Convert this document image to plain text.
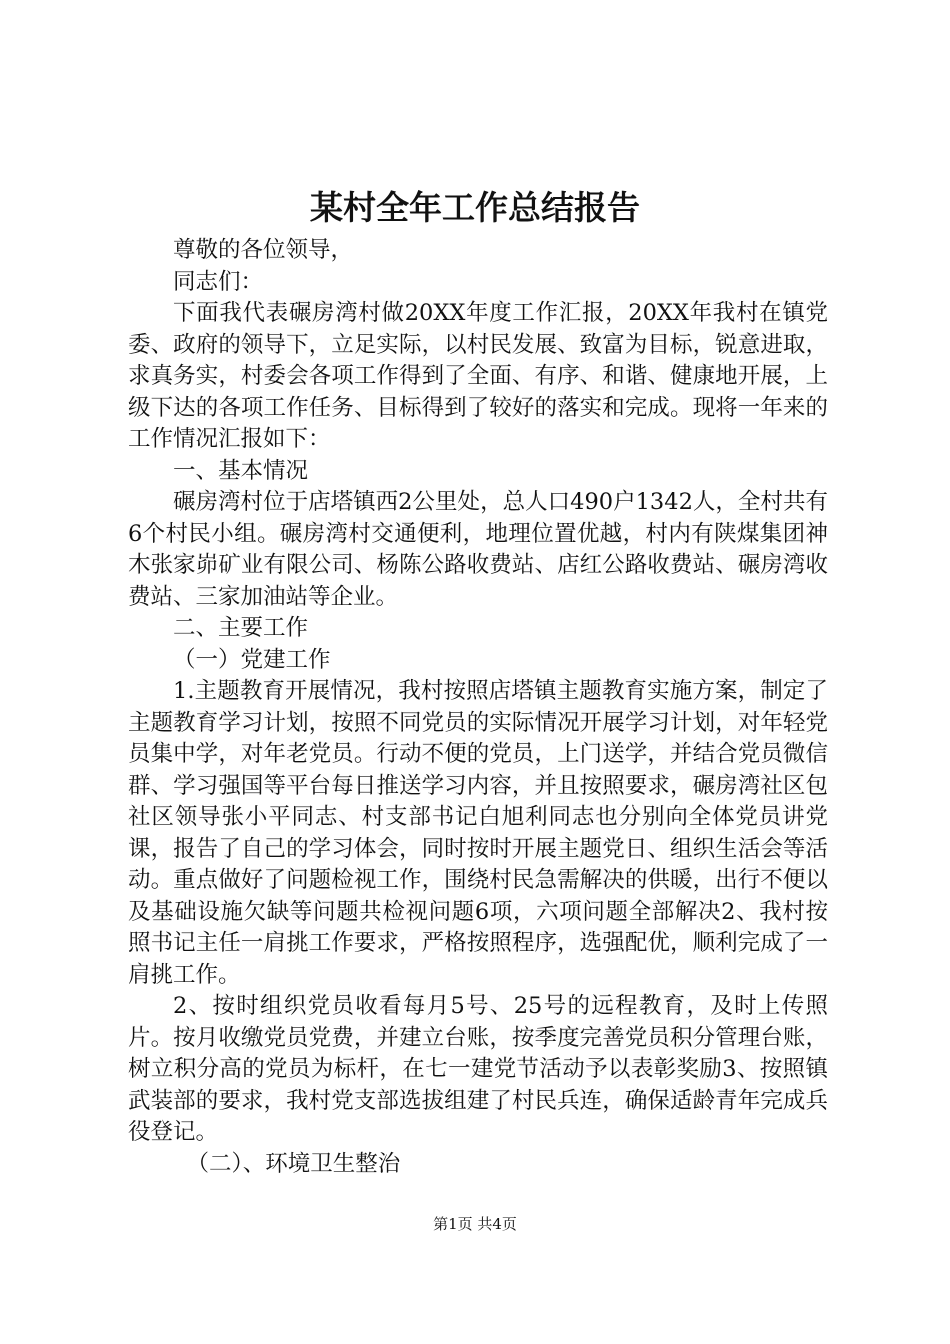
某村全年工作总结报告

尊敬的各位领导，

同志们：

下面我代表碾房湾村做20XX年度工作汇报，20XX年我村在镇党委、政府的领导下，立足实际，以村民发展、致富为目标，锐意进取，求真务实，村委会各项工作得到了全面、有序、和谐、健康地开展，上级下达的各项工作任务、目标得到了较好的落实和完成。现将一年来的工作情况汇报如下：

一、基本情况

碾房湾村位于店塔镇西2公里处，总人口490户1342人，全村共有6个村民小组。碾房湾村交通便利，地理位置优越，村内有陕煤集团神木张家峁矿业有限公司、杨陈公路收费站、店红公路收费站、碾房湾收费站、三家加油站等企业。

二、主要工作

（一）党建工作

1.主题教育开展情况，我村按照店塔镇主题教育实施方案，制定了主题教育学习计划，按照不同党员的实际情况开展学习计划，对年轻党员集中学，对年老党员。行动不便的党员，上门送学，并结合党员微信群、学习强国等平台每日推送学习内容，并且按照要求，碾房湾社区包社区领导张小平同志、村支部书记白旭利同志也分别向全体党员讲党课，报告了自己的学习体会，同时按时开展主题党日、组织生活会等活动。重点做好了问题检视工作，围绕村民急需解决的供暖，出行不便以及基础设施欠缺等问题共检视问题6项，六项问题全部解决2、我村按照书记主任一肩挑工作要求，严格按照程序，选强配优，顺利完成了一肩挑工作。

2、按时组织党员收看每月5号、25号的远程教育，及时上传照片。按月收缴党员党费，并建立台账，按季度完善党员积分管理台账，树立积分高的党员为标杆，在七一建党节活动予以表彰奖励3、按照镇武装部的要求，我村党支部选拔组建了村民兵连，确保适龄青年完成兵役登记。

（二）、环境卫生整治

第1页 共4页
